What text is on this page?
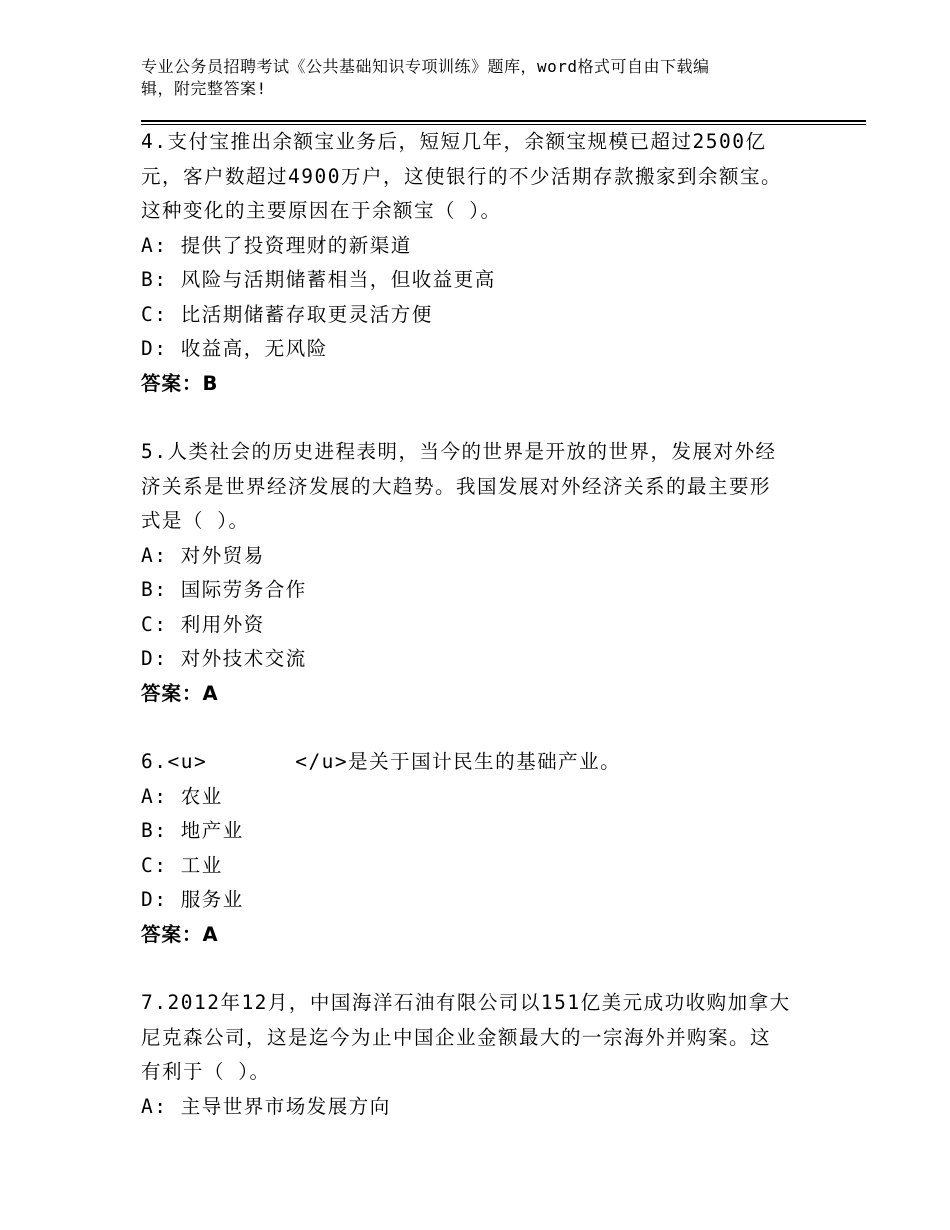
专业公务员招聘考试《公共基础知识专项训练》题库，word格式可自由下载编
辑，附完整答案!

4.支付宝推出余额宝业务后，短短几年，余额宝规模已超过2500亿

元，客户数超过4900万户，这使银行的不少活期存款搬家到余额宝。

这种变化的主要原因在于余额宝（ ）。

A: 提供了投资理财的新渠道

B: 风险与活期储蓄相当，但收益更高

C: 比活期储蓄存取更灵活方便

D: 收益高，无风险

答案：B

5.人类社会的历史进程表明，当今的世界是开放的世界，发展对外经

济关系是世界经济发展的大趋势。我国发展对外经济关系的最主要形

式是（ ）。

A: 对外贸易

B: 国际劳务合作

C: 利用外资

D: 对外技术交流

答案：A

6.<u>	</u>是关于国计民生的基础产业。

A: 农业

B: 地产业

C: 工业

D: 服务业

答案：A

7.2012年12月，中国海洋石油有限公司以151亿美元成功收购加拿大

尼克森公司，这是迄今为止中国企业金额最大的一宗海外并购案。这

有利于（ ）。

A: 主导世界市场发展方向
